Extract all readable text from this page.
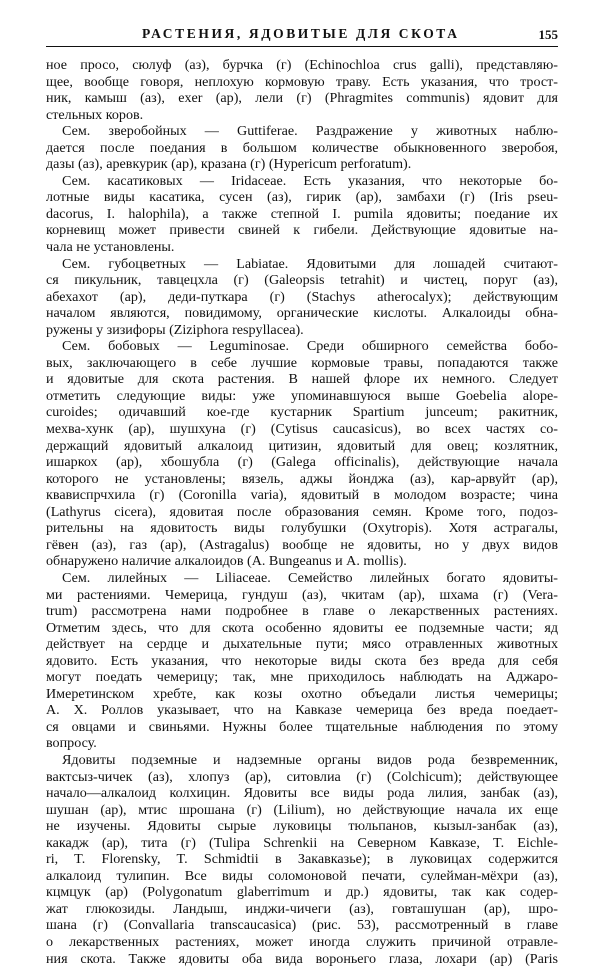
РАСТЕНИЯ, ЯДОВИТЫЕ ДЛЯ СКОТА	155
ное просо, сюлуф (аз), бурчка (г) (Echinochloa crus galli), представляю-
щее, вообще говоря, неплохую кормовую траву. Есть указания, что трост-
ник, камыш (аз), exer (ар), лели (г) (Phragmites communis) ядовит для
стельных коров.
Сем. зверобойных — Guttiferae. Раздражение у животных наблю-
дается после поедания в большом количестве обыкновенного зверобоя,
дазы (аз), аревкурик (ар), кразана (г) (Hypericum perforatum).
Сем. касатиковых — Iridaceae. Есть указания, что некоторые бо-
лотные виды касатика, сусен (аз), гирик (ар), замбахи (г) (Iris pseu-
dacorus, I. halophila), а также степной I. pumila ядовиты; поедание их
корневищ может привести свиней к гибели. Действующие ядовитые на-
чала не установлены.
Сем. губоцветных — Labiatae. Ядовитыми для лошадей считают-
ся пикульник, тавцецхла (г) (Galeopsis tetrahit) и чистец, поруг (аз),
абехахот (ар), деди-путкара (г) (Stachys atherocalyx); действующим
началом являются, повидимому, органические кислоты. Алкалоиды обна-
ружены у зизифоры (Ziziphora respyllacea).
Сем. бобовых — Leguminosae. Среди обширного семейства бобо-
вых, заключающего в себе лучшие кормовые травы, попадаются также
и ядовитые для скота растения. В нашей флоре их немного. Следует
отметить следующие виды: уже упоминавшуюся выше Goebelia alope-
curoides; одичавший кое-где кустарник Spartium junceum; ракитник,
мехва-хунк (ар), шушхуна (г) (Cytisus caucasicus), во всех частях со-
держащий ядовитый алкалоид цитизин, ядовитый для овец; козлятник,
ишаркох (ар), хбошубла (г) (Galega officinalis), действующие начала
которого не установлены; вязель, аджы йонджа (аз), кар-арвуйт (ар),
квависпрчхила (г) (Coronilla varia), ядовитый в молодом возрасте; чина
(Lathyrus cicera), ядовитая после образования семян. Кроме того, подоз-
рительны на ядовитость виды голубушки (Oxytropis). Хотя астрагалы,
гёвен (аз), газ (ар), (Astragalus) вообще не ядовиты, но у двух видов
обнаружено наличие алкалоидов (A. Bungeanus и A. mollis).
Сем. лилейных — Liliaceae. Семейство лилейных богато ядовиты-
ми растениями. Чемерица, гундуш (аз), чкитам (ар), шхама (г) (Vera-
trum) рассмотрена нами подробнее в главе о лекарственных растениях.
Отметим здесь, что для скота особенно ядовиты ее подземные части; яд
действует на сердце и дыхательные пути; мясо отравленных животных
ядовито. Есть указания, что некоторые виды скота без вреда для себя
могут поедать чемерицу; так, мне приходилось наблюдать на Аджаро-
Имеретинском хребте, как козы охотно объедали листья чемерицы;
А. Х. Роллов указывает, что на Кавказе чемерица без вреда поедает-
ся овцами и свиньями. Нужны более тщательные наблюдения по этому
вопросу.
Ядовиты подземные и надземные органы видов рода безвременник,
вактсыз-чичек (аз), хлопуз (ар), ситовлиа (г) (Colchicum); действующее
начало—алкалоид колхицин. Ядовиты все виды рода лилия, занбак (аз),
шушан (ар), мтис шрошана (г) (Lilium), но действующие начала их еще
не изучены. Ядовиты сырые луковицы тюльпанов, кызыл-занбак (аз),
какадж (ар), тита (г) (Tulipa Schrenkii на Северном Кавказе, T. Eichle-
ri, T. Florensky, T. Schmidtii в Закавказье); в луковицах содержится
алкалоид тулипин. Все виды соломоновой печати, сулейман-мёхри (аз),
кцмцук (ар) (Polygonatum glaberrimum и др.) ядовиты, так как содер-
жат глюкозиды. Ландыш, инджи-чичеги (аз), говташушан (ар), шро-
шана (г) (Convallaria transcaucasica) (рис. 53), рассмотренный в главе
о лекарственных растениях, может иногда служить причиной отравле-
ния скота. Также ядовиты оба вида вороньего глаза, лохари (ар) (Paris
